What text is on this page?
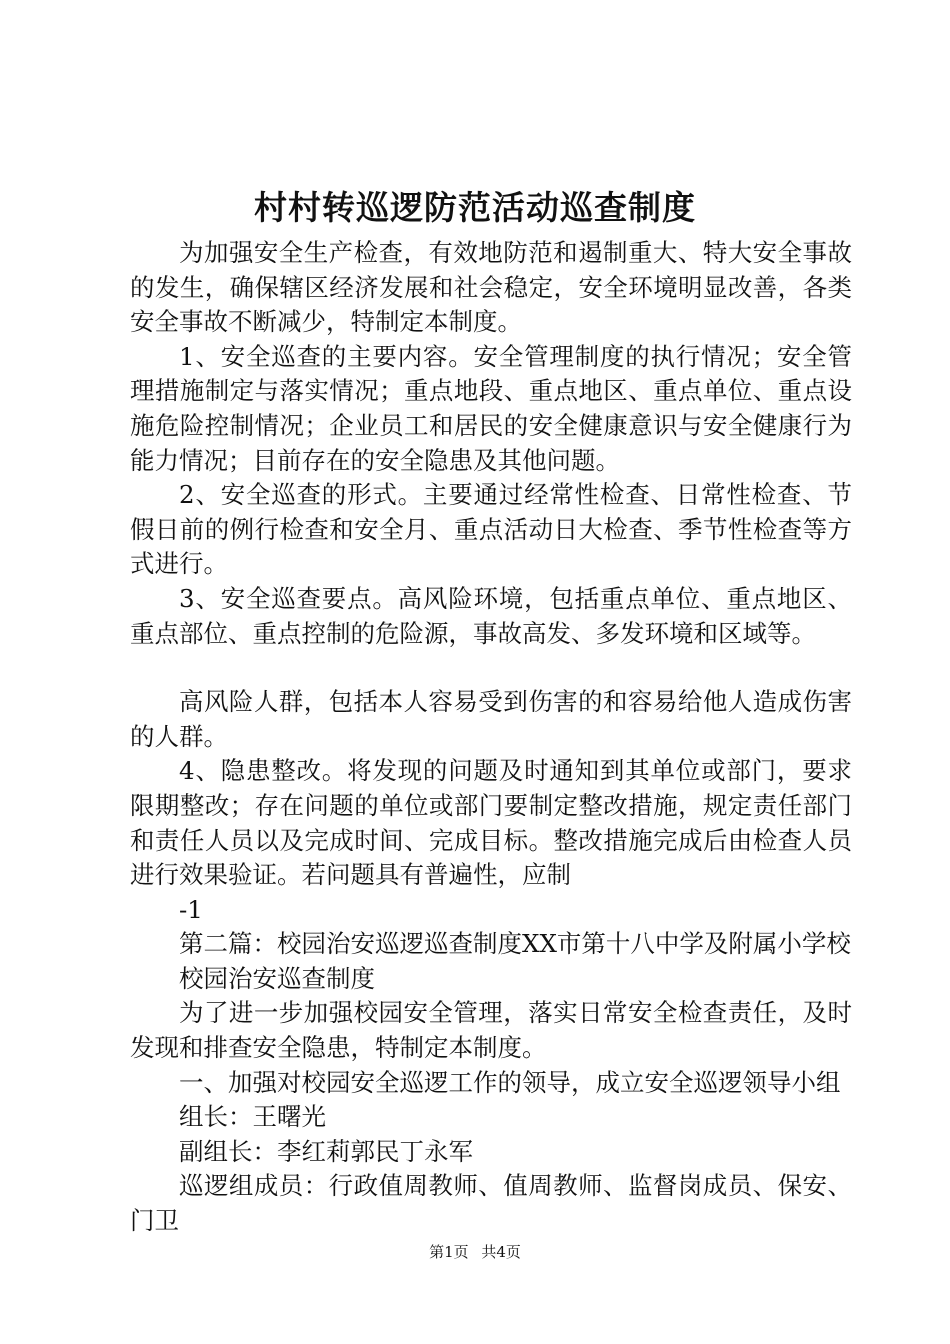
村村转巡逻防范活动巡查制度

为加强安全生产检查，有效地防范和遏制重大、特大安全事故的发生，确保辖区经济发展和社会稳定，安全环境明显改善，各类安全事故不断减少，特制定本制度。

1、安全巡查的主要内容。安全管理制度的执行情况；安全管理措施制定与落实情况；重点地段、重点地区、重点单位、重点设施危险控制情况；企业员工和居民的安全健康意识与安全健康行为能力情况；目前存在的安全隐患及其他问题。

2、安全巡查的形式。主要通过经常性检查、日常性检查、节假日前的例行检查和安全月、重点活动日大检查、季节性检查等方式进行。

3、安全巡查要点。高风险环境，包括重点单位、重点地区、重点部位、重点控制的危险源，事故高发、多发环境和区域等。

高风险人群，包括本人容易受到伤害的和容易给他人造成伤害的人群。

4、隐患整改。将发现的问题及时通知到其单位或部门，要求限期整改；存在问题的单位或部门要制定整改措施，规定责任部门和责任人员以及完成时间、完成目标。整改措施完成后由检查人员进行效果验证。若问题具有普遍性，应制

-1

第二篇：校园治安巡逻巡查制度XX市第十八中学及附属小学校

校园治安巡查制度

为了进一步加强校园安全管理，落实日常安全检查责任，及时发现和排查安全隐患，特制定本制度。

一、加强对校园安全巡逻工作的领导，成立安全巡逻领导小组

组长：王曙光

副组长：李红莉郭民丁永军

巡逻组成员：行政值周教师、值周教师、监督岗成员、保安、门卫

第1页 共4页
